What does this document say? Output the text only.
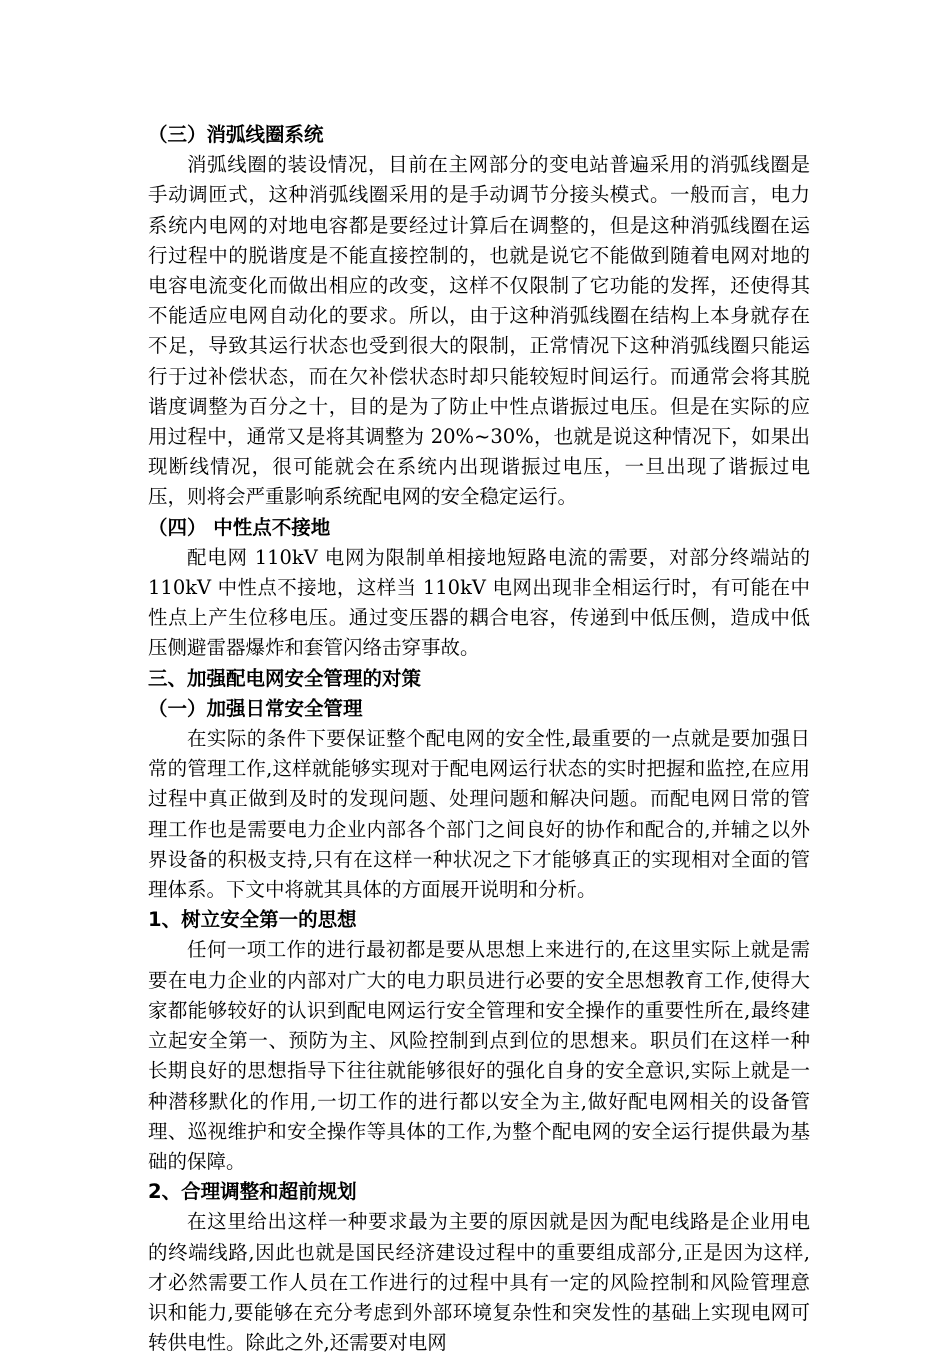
（三）消弧线圈系统

消弧线圈的装设情况，目前在主网部分的变电站普遍采用的消弧线圈是手动调匝式，这种消弧线圈采用的是手动调节分接头模式。一般而言，电力系统内电网的对地电容都是要经过计算后在调整的，但是这种消弧线圈在运行过程中的脱谐度是不能直接控制的，也就是说它不能做到随着电网对地的电容电流变化而做出相应的改变，这样不仅限制了它功能的发挥，还使得其不能适应电网自动化的要求。所以，由于这种消弧线圈在结构上本身就存在不足，导致其运行状态也受到很大的限制，正常情况下这种消弧线圈只能运行于过补偿状态，而在欠补偿状态时却只能较短时间运行。而通常会将其脱谐度调整为百分之十，目的是为了防止中性点谐振过电压。但是在实际的应用过程中，通常又是将其调整为 20%~30%，也就是说这种情况下，如果出现断线情况，很可能就会在系统内出现谐振过电压，一旦出现了谐振过电压，则将会严重影响系统配电网的安全稳定运行。

（四） 中性点不接地

配电网 110kV 电网为限制单相接地短路电流的需要，对部分终端站的 110kV 中性点不接地，这样当 110kV 电网出现非全相运行时，有可能在中性点上产生位移电压。通过变压器的耦合电容，传递到中低压侧，造成中低压侧避雷器爆炸和套管闪络击穿事故。

三、加强配电网安全管理的对策
（一）加强日常安全管理

在实际的条件下要保证整个配电网的安全性,最重要的一点就是要加强日常的管理工作,这样就能够实现对于配电网运行状态的实时把握和监控,在应用过程中真正做到及时的发现问题、处理问题和解决问题。而配电网日常的管理工作也是需要电力企业内部各个部门之间良好的协作和配合的,并辅之以外界设备的积极支持,只有在这样一种状况之下才能够真正的实现相对全面的管理体系。下文中将就其具体的方面展开说明和分析。

1、树立安全第一的思想

任何一项工作的进行最初都是要从思想上来进行的,在这里实际上就是需要在电力企业的内部对广大的电力职员进行必要的安全思想教育工作,使得大家都能够较好的认识到配电网运行安全管理和安全操作的重要性所在,最终建立起安全第一、预防为主、风险控制到点到位的思想来。职员们在这样一种长期良好的思想指导下往往就能够很好的强化自身的安全意识,实际上就是一种潜移默化的作用,一切工作的进行都以安全为主,做好配电网相关的设备管理、巡视维护和安全操作等具体的工作,为整个配电网的安全运行提供最为基础的保障。

2、合理调整和超前规划

在这里给出这样一种要求最为主要的原因就是因为配电线路是企业用电的终端线路,因此也就是国民经济建设过程中的重要组成部分,正是因为这样,才必然需要工作人员在工作进行的过程中具有一定的风险控制和风险管理意识和能力,要能够在充分考虑到外部环境复杂性和突发性的基础上实现电网可转供电性。除此之外,还需要对电网
